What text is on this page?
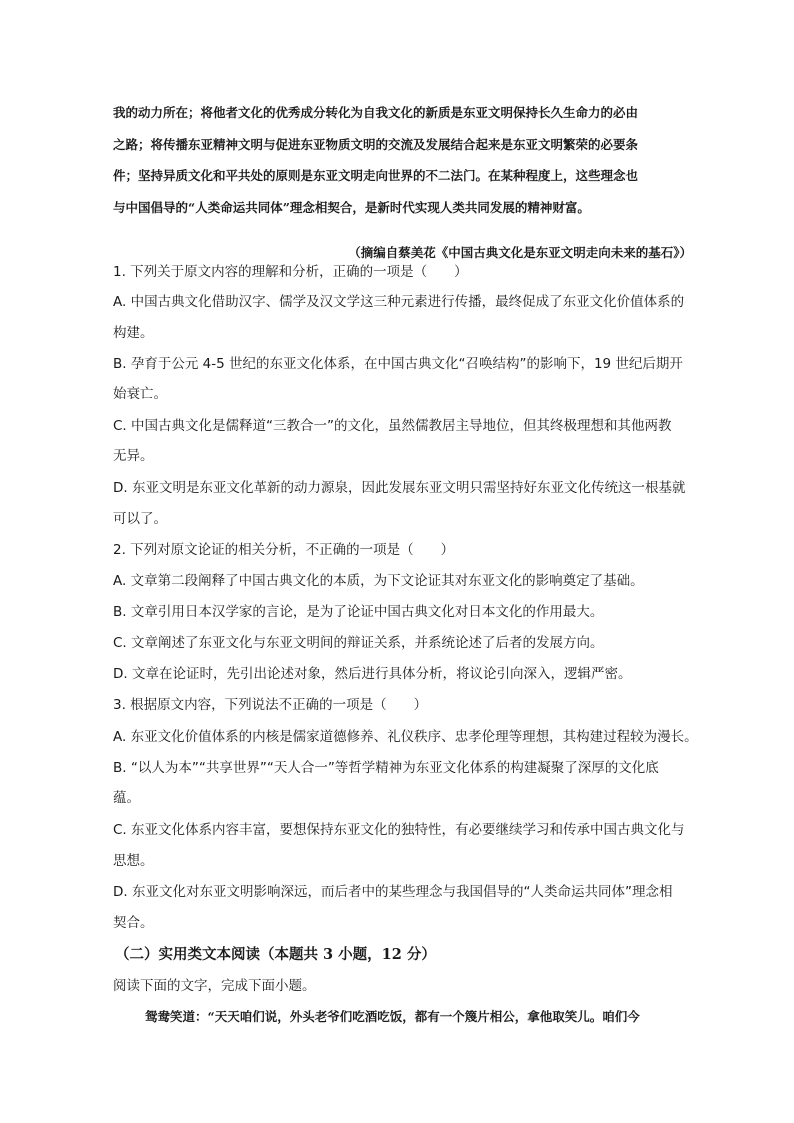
我的动力所在；将他者文化的优秀成分转化为自我文化的新质是东亚文明保持长久生命力的必由

之路；将传播东亚精神文明与促进东亚物质文明的交流及发展结合起来是东亚文明繁荣的必要条

件；坚持异质文化和平共处的原则是东亚文明走向世界的不二法门。在某种程度上，这些理念也

与中国倡导的“人类命运共同体”理念相契合，是新时代实现人类共同发展的精神财富。

（摘编自蔡美花《中国古典文化是东亚文明走向未来的基石》）

1. 下列关于原文内容的理解和分析，正确的一项是（　　）

A. 中国古典文化借助汉字、儒学及汉文学这三种元素进行传播，最终促成了东亚文化价值体系的

构建。

B. 孕育于公元 4-5 世纪的东亚文化体系，在中国古典文化“召唤结构”的影响下，19 世纪后期开

始衰亡。

C. 中国古典文化是儒释道“三教合一”的文化，虽然儒教居主导地位，但其终极理想和其他两教

无异。

D. 东亚文明是东亚文化革新的动力源泉，因此发展东亚文明只需坚持好东亚文化传统这一根基就

可以了。

2. 下列对原文论证的相关分析，不正确的一项是（　　）

A. 文章第二段阐释了中国古典文化的本质，为下文论证其对东亚文化的影响奠定了基础。

B. 文章引用日本汉学家的言论，是为了论证中国古典文化对日本文化的作用最大。

C. 文章阐述了东亚文化与东亚文明间的辩证关系，并系统论述了后者的发展方向。

D. 文章在论证时，先引出论述对象，然后进行具体分析，将议论引向深入，逻辑严密。

3. 根据原文内容，下列说法不正确的一项是（　　）

A. 东亚文化价值体系的内核是儒家道德修养、礼仪秩序、忠孝伦理等理想，其构建过程较为漫长。

B. “以人为本”“共享世界”“天人合一”等哲学精神为东亚文化体系的构建凝聚了深厚的文化底

蕴。

C. 东亚文化体系内容丰富，要想保持东亚文化的独特性，有必要继续学习和传承中国古典文化与

思想。

D. 东亚文化对东亚文明影响深远，而后者中的某些理念与我国倡导的“人类命运共同体”理念相

契合。

（二）实用类文本阅读（本题共 3 小题，12 分）

阅读下面的文字，完成下面小题。

鸳鸯笑道：“天天咱们说，外头老爷们吃酒吃饭，都有一个篾片相公，拿他取笑儿。咱们今
